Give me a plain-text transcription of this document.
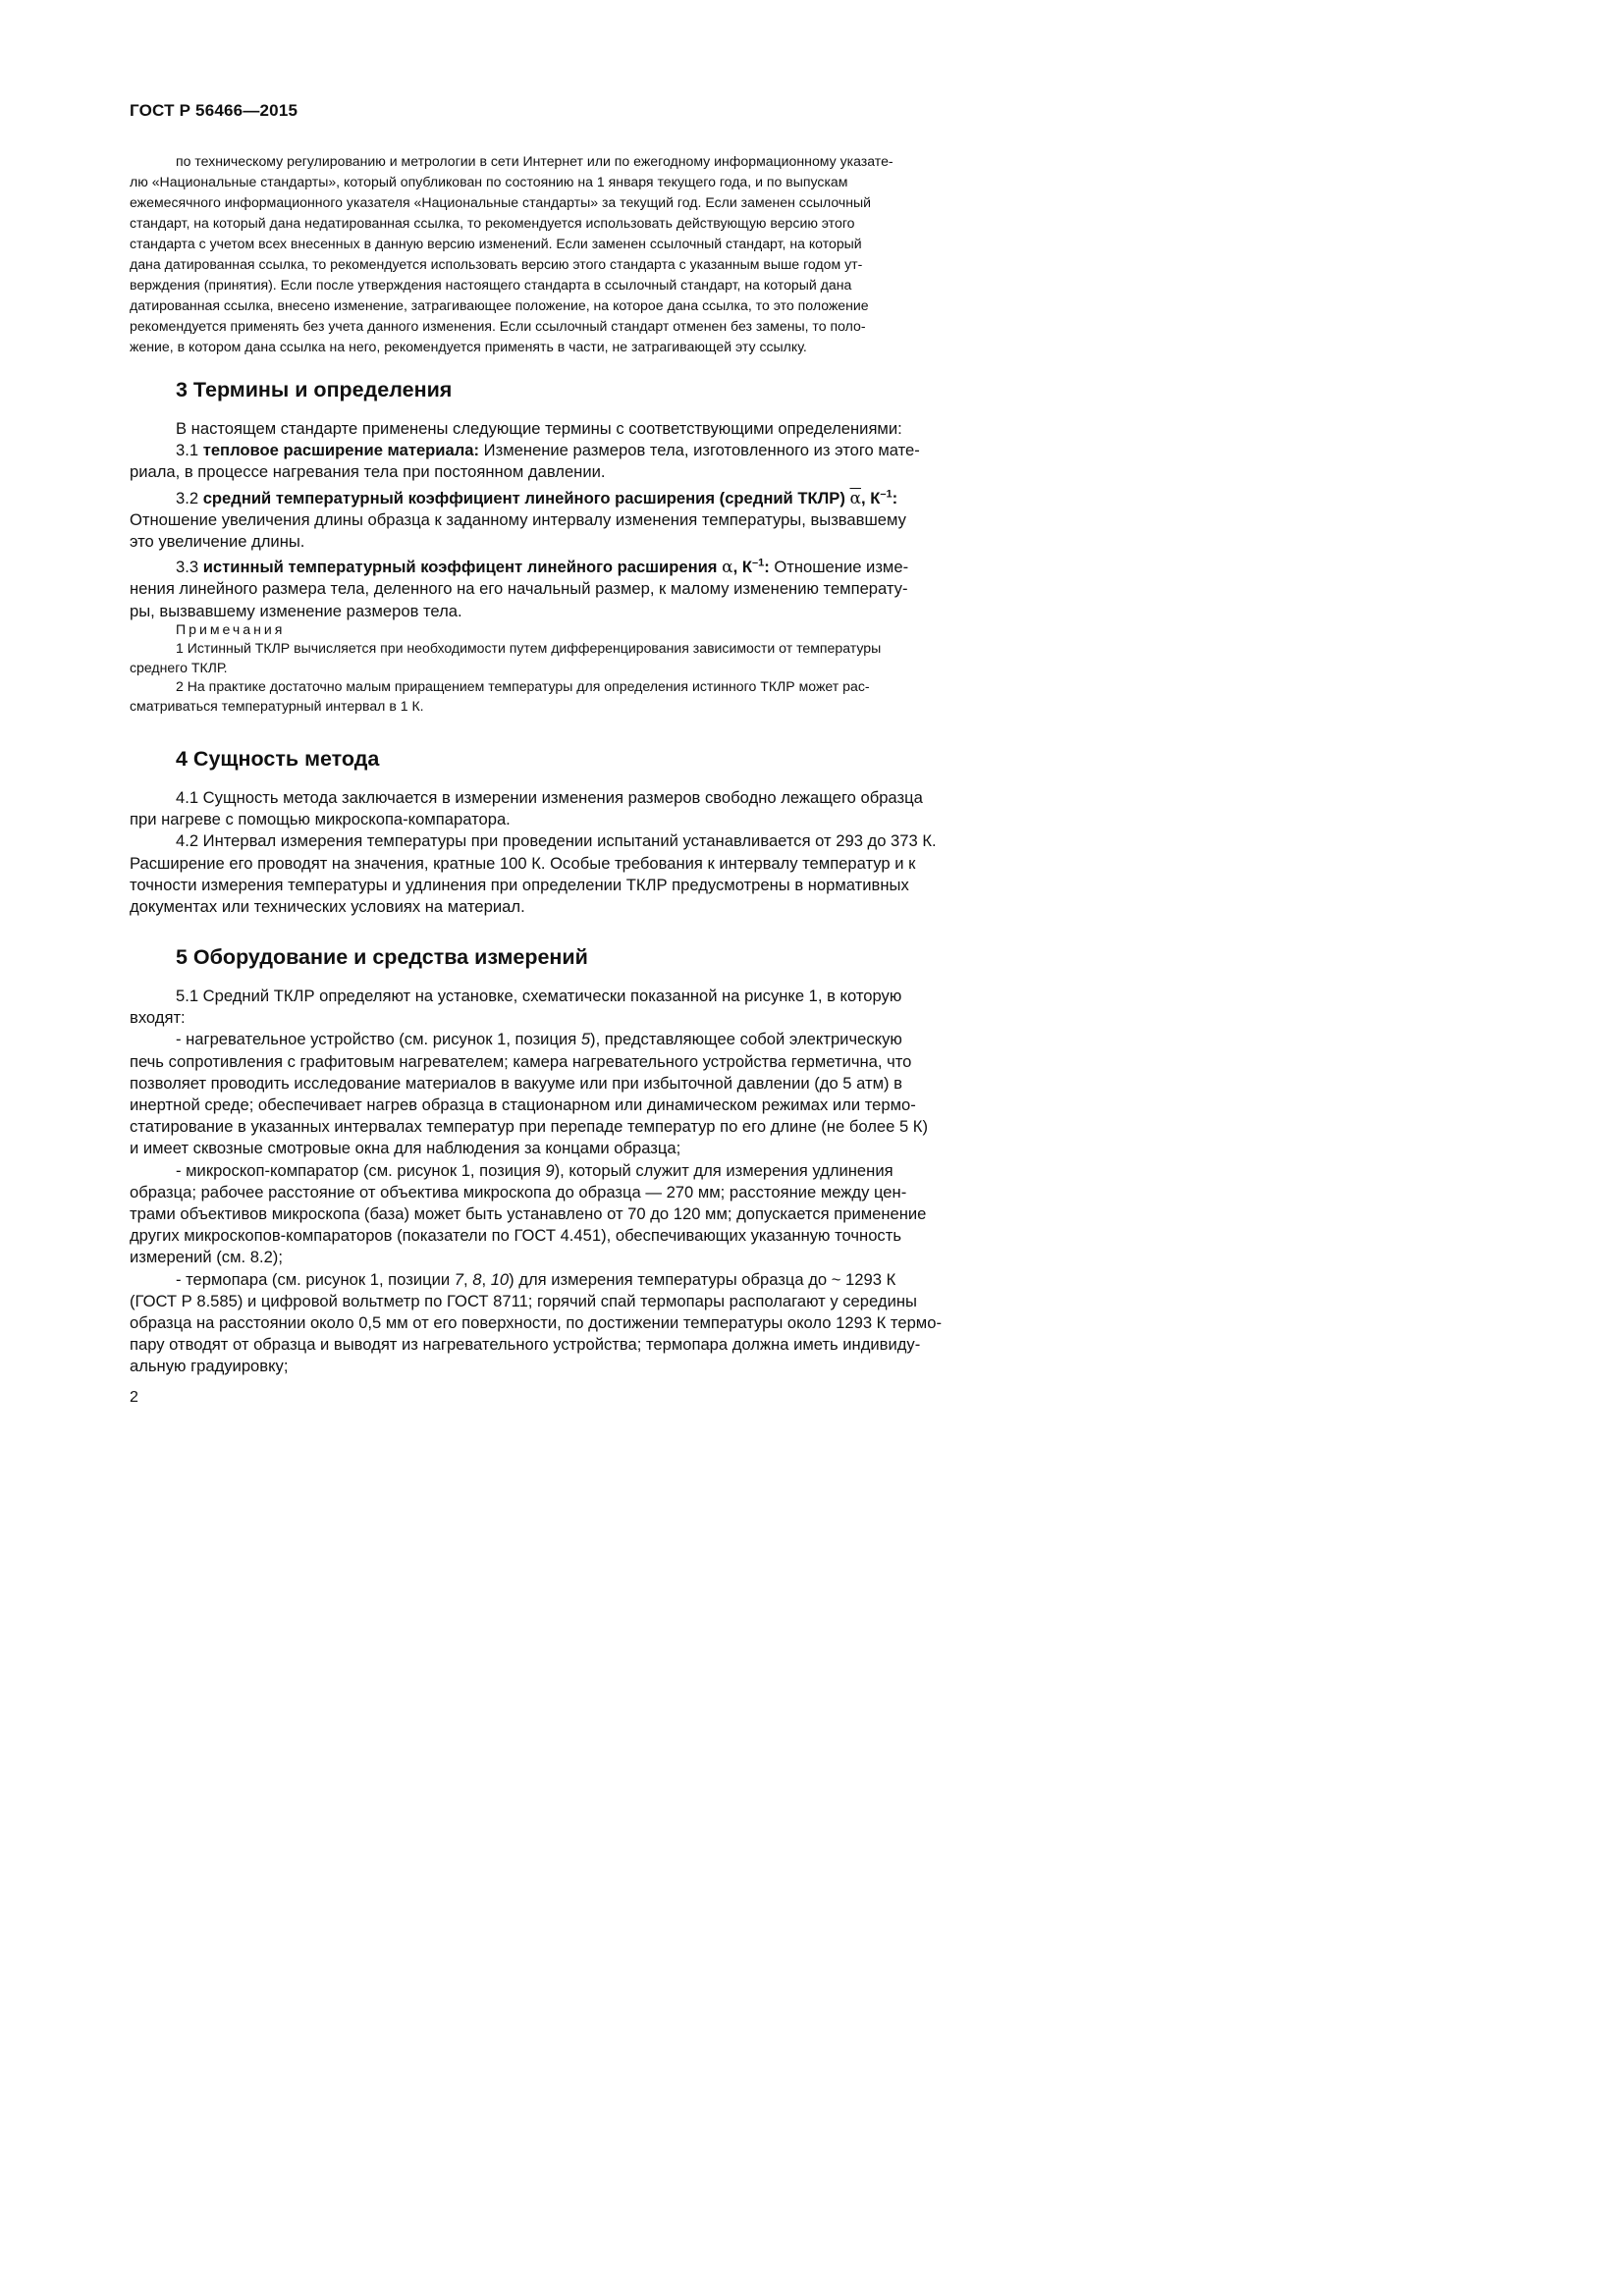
ГОСТ Р 56466—2015

по техническому регулированию и метрологии в сети Интернет или по ежегодному информационному указате-

лю «Национальные стандарты», который опубликован по состоянию на 1 января текущего года, и по выпускам

ежемесячного информационного указателя «Национальные стандарты» за текущий год. Если заменен ссылочный

стандарт, на который дана недатированная ссылка, то рекомендуется использовать действующую версию этого

стандарта с учетом всех внесенных в данную версию изменений. Если заменен ссылочный стандарт, на который

дана датированная ссылка, то рекомендуется использовать версию этого стандарта с указанным выше годом ут-

верждения (принятия). Если после утверждения настоящего стандарта в ссылочный стандарт, на который дана

датированная ссылка, внесено изменение, затрагивающее положение, на которое дана ссылка, то это положение

рекомендуется применять без учета данного изменения. Если ссылочный стандарт отменен без замены, то поло-

жение, в котором дана ссылка на него, рекомендуется применять в части, не затрагивающей эту ссылку.

3 Термины и определения

В настоящем стандарте применены следующие термины с соответствующими определениями:

3.1 тепловое расширение материала: Изменение размеров тела, изготовленного из этого мате-

риала, в процессе нагревания тела при постоянном давлении.

3.2 средний температурный коэффициент линейного расширения (средний ТКЛР) $\overline{\alpha}$, $К^{-1}$:

Отношение увеличения длины образца к заданному интервалу изменения температуры, вызвавшему

это увеличение длины.

3.3 истинный температурный коэффицент линейного расширения α, $К^{-1}$: Отношение изме-

нения линейного размера тела, деленного на его начальный размер, к малому изменению температу-

ры, вызвавшему изменение размеров тела.

Примечания

1 Истинный ТКЛР вычисляется при необходимости путем дифференцирования зависимости от температуры

среднего ТКЛР.

2 На практике достаточно малым приращением температуры для определения истинного ТКЛР может рас-

сматриваться температурный интервал в 1 К.

4 Сущность метода

4.1 Сущность метода заключается в измерении изменения размеров свободно лежащего образца

при нагреве с помощью микроскопа-компаратора.

4.2 Интервал измерения температуры при проведении испытаний устанавливается от 293 до 373 К.

Расширение его проводят на значения, кратные 100 К. Особые требования к интервалу температур и к

точности измерения температуры и удлинения при определении ТКЛР предусмотрены в нормативных

документах или технических условиях на материал.

5 Оборудование и средства измерений

5.1 Средний ТКЛР определяют на установке, схематически показанной на рисунке 1, в которую

входят:

- нагревательное устройство (см. рисунок 1, позиция 5), представляющее собой электрическую

печь сопротивления с графитовым нагревателем; камера нагревательного устройства герметична, что

позволяет проводить исследование материалов в вакууме или при избыточной давлении (до 5 атм) в

инертной среде; обеспечивает нагрев образца в стационарном или динамическом режимах или термо-

статирование в указанных интервалах температур при перепаде температур по его длине (не более 5 К)

и имеет сквозные смотровые окна для наблюдения за концами образца;

- микроскоп-компаратор (см. рисунок 1, позиция 9), который служит для измерения удлинения

образца; рабочее расстояние от объектива микроскопа до образца — 270 мм; расстояние между цен-

трами объективов микроскопа (база) может быть устанавлено от 70 до 120 мм; допускается применение

других микроскопов-компараторов (показатели по ГОСТ 4.451), обеспечивающих указанную точность

измерений (см. 8.2);

- термопара (см. рисунок 1, позиции 7, 8, 10) для измерения температуры образца до ~ 1293 К

(ГОСТ Р 8.585) и цифровой вольтметр по ГОСТ 8711; горячий спай термопары располагают у середины

образца на расстоянии около 0,5 мм от его поверхности, по достижении температуры около 1293 К термо-

пару отводят от образца и выводят из нагревательного устройства; термопара должна иметь индивиду-

альную градуировку;

2
